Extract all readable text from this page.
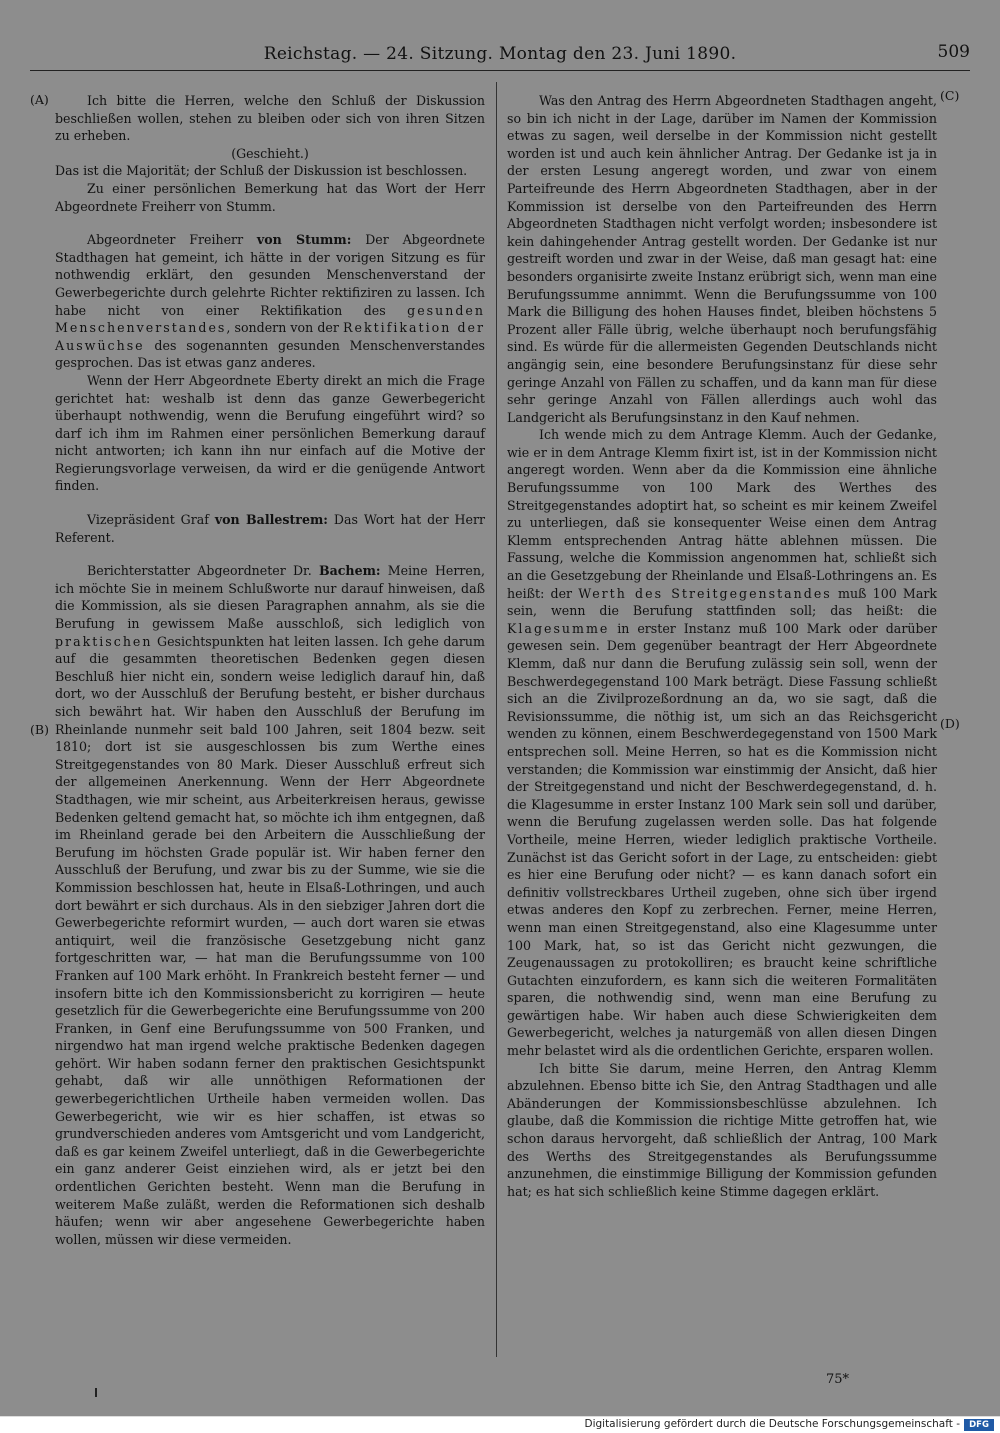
Reichstag. — 24. Sitzung. Montag den 23. Juni 1890.	509
(A)
(B)
(C)
(D)

Ich bitte die Herren, welche den Schluß der Diskussion beschließen wollen, stehen zu bleiben oder sich von ihren Sitzen zu erheben.

(Geschieht.)

Das ist die Majorität; der Schluß der Diskussion ist beschlossen.

Zu einer persönlichen Bemerkung hat das Wort der Herr Abgeordnete Freiherr von Stumm.

Abgeordneter Freiherr von Stumm: Der Abgeordnete Stadthagen hat gemeint, ich hätte in der vorigen Sitzung es für nothwendig erklärt, den gesunden Menschenverstand der Gewerbegerichte durch gelehrte Richter rektifiziren zu lassen. Ich habe nicht von einer Rektifikation des gesunden Menschenverstandes, sondern von der Rektifikation der Auswüchse des sogenannten gesunden Menschenverstandes gesprochen. Das ist etwas ganz anderes.

Wenn der Herr Abgeordnete Eberty direkt an mich die Frage gerichtet hat: weshalb ist denn das ganze Gewerbegericht überhaupt nothwendig, wenn die Berufung eingeführt wird? so darf ich ihm im Rahmen einer persönlichen Bemerkung darauf nicht antworten; ich kann ihn nur einfach auf die Motive der Regierungsvorlage verweisen, da wird er die genügende Antwort finden.

Vizepräsident Graf von Ballestrem: Das Wort hat der Herr Referent.

Berichterstatter Abgeordneter Dr. Bachem: Meine Herren, ich möchte Sie in meinem Schlußworte nur darauf hinweisen, daß die Kommission, als sie diesen Paragraphen annahm, als sie die Berufung in gewissem Maße ausschloß, sich lediglich von praktischen Gesichtspunkten hat leiten lassen. Ich gehe darum auf die gesammten theoretischen Bedenken gegen diesen Beschluß hier nicht ein, sondern weise lediglich darauf hin, daß dort, wo der Ausschluß der Berufung besteht, er bisher durchaus sich bewährt hat. Wir haben den Ausschluß der Berufung im Rheinlande nunmehr seit bald 100 Jahren, seit 1804 bezw. seit 1810; dort ist sie ausgeschlossen bis zum Werthe eines Streitgegenstandes von 80 Mark. Dieser Ausschluß erfreut sich der allgemeinen Anerkennung. Wenn der Herr Abgeordnete Stadthagen, wie mir scheint, aus Arbeiterkreisen heraus, gewisse Bedenken geltend gemacht hat, so möchte ich ihm entgegnen, daß im Rheinland gerade bei den Arbeitern die Ausschließung der Berufung im höchsten Grade populär ist. Wir haben ferner den Ausschluß der Berufung, und zwar bis zu der Summe, wie sie die Kommission beschlossen hat, heute in Elsaß-Lothringen, und auch dort bewährt er sich durchaus. Als in den siebziger Jahren dort die Gewerbegerichte reformirt wurden, — auch dort waren sie etwas antiquirt, weil die französische Gesetzgebung nicht ganz fortgeschritten war, — hat man die Berufungssumme von 100 Franken auf 100 Mark erhöht. In Frankreich besteht ferner — und insofern bitte ich den Kommissionsbericht zu korrigiren — heute gesetzlich für die Gewerbegerichte eine Berufungssumme von 200 Franken, in Genf eine Berufungssumme von 500 Franken, und nirgendwo hat man irgend welche praktische Bedenken dagegen gehört. Wir haben sodann ferner den praktischen Gesichtspunkt gehabt, daß wir alle unnöthigen Reformationen der gewerbegerichtlichen Urtheile haben vermeiden wollen. Das Gewerbegericht, wie wir es hier schaffen, ist etwas so grundverschieden anderes vom Amtsgericht und vom Landgericht, daß es gar keinem Zweifel unterliegt, daß in die Gewerbegerichte ein ganz anderer Geist einziehen wird, als er jetzt bei den ordentlichen Gerichten besteht. Wenn man die Berufung in weiterem Maße zuläßt, werden die Reformationen sich deshalb häufen; wenn wir aber angesehene Gewerbegerichte haben wollen, müssen wir diese vermeiden.

Was den Antrag des Herrn Abgeordneten Stadthagen angeht, so bin ich nicht in der Lage, darüber im Namen der Kommission etwas zu sagen, weil derselbe in der Kommission nicht gestellt worden ist und auch kein ähnlicher Antrag. Der Gedanke ist ja in der ersten Lesung angeregt worden, und zwar von einem Parteifreunde des Herrn Abgeordneten Stadthagen, aber in der Kommission ist derselbe von den Parteifreunden des Herrn Abgeordneten Stadthagen nicht verfolgt worden; insbesondere ist kein dahingehender Antrag gestellt worden. Der Gedanke ist nur gestreift worden und zwar in der Weise, daß man gesagt hat: eine besonders organisirte zweite Instanz erübrigt sich, wenn man eine Berufungssumme annimmt. Wenn die Berufungssumme von 100 Mark die Billigung des hohen Hauses findet, bleiben höchstens 5 Prozent aller Fälle übrig, welche überhaupt noch berufungsfähig sind. Es würde für die allermeisten Gegenden Deutschlands nicht angängig sein, eine besondere Berufungsinstanz für diese sehr geringe Anzahl von Fällen zu schaffen, und da kann man für diese sehr geringe Anzahl von Fällen allerdings auch wohl das Landgericht als Berufungsinstanz in den Kauf nehmen.

Ich wende mich zu dem Antrage Klemm. Auch der Gedanke, wie er in dem Antrage Klemm fixirt ist, ist in der Kommission nicht angeregt worden. Wenn aber da die Kommission eine ähnliche Berufungssumme von 100 Mark des Werthes des Streitgegenstandes adoptirt hat, so scheint es mir keinem Zweifel zu unterliegen, daß sie konsequenter Weise einen dem Antrag Klemm entsprechenden Antrag hätte ablehnen müssen. Die Fassung, welche die Kommission angenommen hat, schließt sich an die Gesetzgebung der Rheinlande und Elsaß-Lothringens an. Es heißt: der Werth des Streitgegenstandes muß 100 Mark sein, wenn die Berufung stattfinden soll; das heißt: die Klagesumme in erster Instanz muß 100 Mark oder darüber gewesen sein. Dem gegenüber beantragt der Herr Abgeordnete Klemm, daß nur dann die Berufung zulässig sein soll, wenn der Beschwerdegegenstand 100 Mark beträgt. Diese Fassung schließt sich an die Zivilprozeßordnung an da, wo sie sagt, daß die Revisionssumme, die nöthig ist, um sich an das Reichsgericht wenden zu können, einem Beschwerdegegenstand von 1500 Mark entsprechen soll. Meine Herren, so hat es die Kommission nicht verstanden; die Kommission war einstimmig der Ansicht, daß hier der Streitgegenstand und nicht der Beschwerdegegenstand, d. h. die Klagesumme in erster Instanz 100 Mark sein soll und darüber, wenn die Berufung zugelassen werden solle. Das hat folgende Vortheile, meine Herren, wieder lediglich praktische Vortheile. Zunächst ist das Gericht sofort in der Lage, zu entscheiden: giebt es hier eine Berufung oder nicht? — es kann danach sofort ein definitiv vollstreckbares Urtheil zugeben, ohne sich über irgend etwas anderes den Kopf zu zerbrechen. Ferner, meine Herren, wenn man einen Streitgegenstand, also eine Klagesumme unter 100 Mark, hat, so ist das Gericht nicht gezwungen, die Zeugenaussagen zu protokolliren; es braucht keine schriftliche Gutachten einzufordern, es kann sich die weiteren Formalitäten sparen, die nothwendig sind, wenn man eine Berufung zu gewärtigen habe. Wir haben auch diese Schwierigkeiten dem Gewerbegericht, welches ja naturgemäß von allen diesen Dingen mehr belastet wird als die ordentlichen Gerichte, ersparen wollen.

Ich bitte Sie darum, meine Herren, den Antrag Klemm abzulehnen. Ebenso bitte ich Sie, den Antrag Stadthagen und alle Abänderungen der Kommissionsbeschlüsse abzulehnen. Ich glaube, daß die Kommission die richtige Mitte getroffen hat, wie schon daraus hervorgeht, daß schließlich der Antrag, 100 Mark des Werths des Streitgegenstandes als Berufungssumme anzunehmen, die einstimmige Billigung der Kommission gefunden hat; es hat sich schließlich keine Stimme dagegen erklärt.

75*
Digitalisierung gefördert durch die Deutsche Forschungsgemeinschaft -	DFG
